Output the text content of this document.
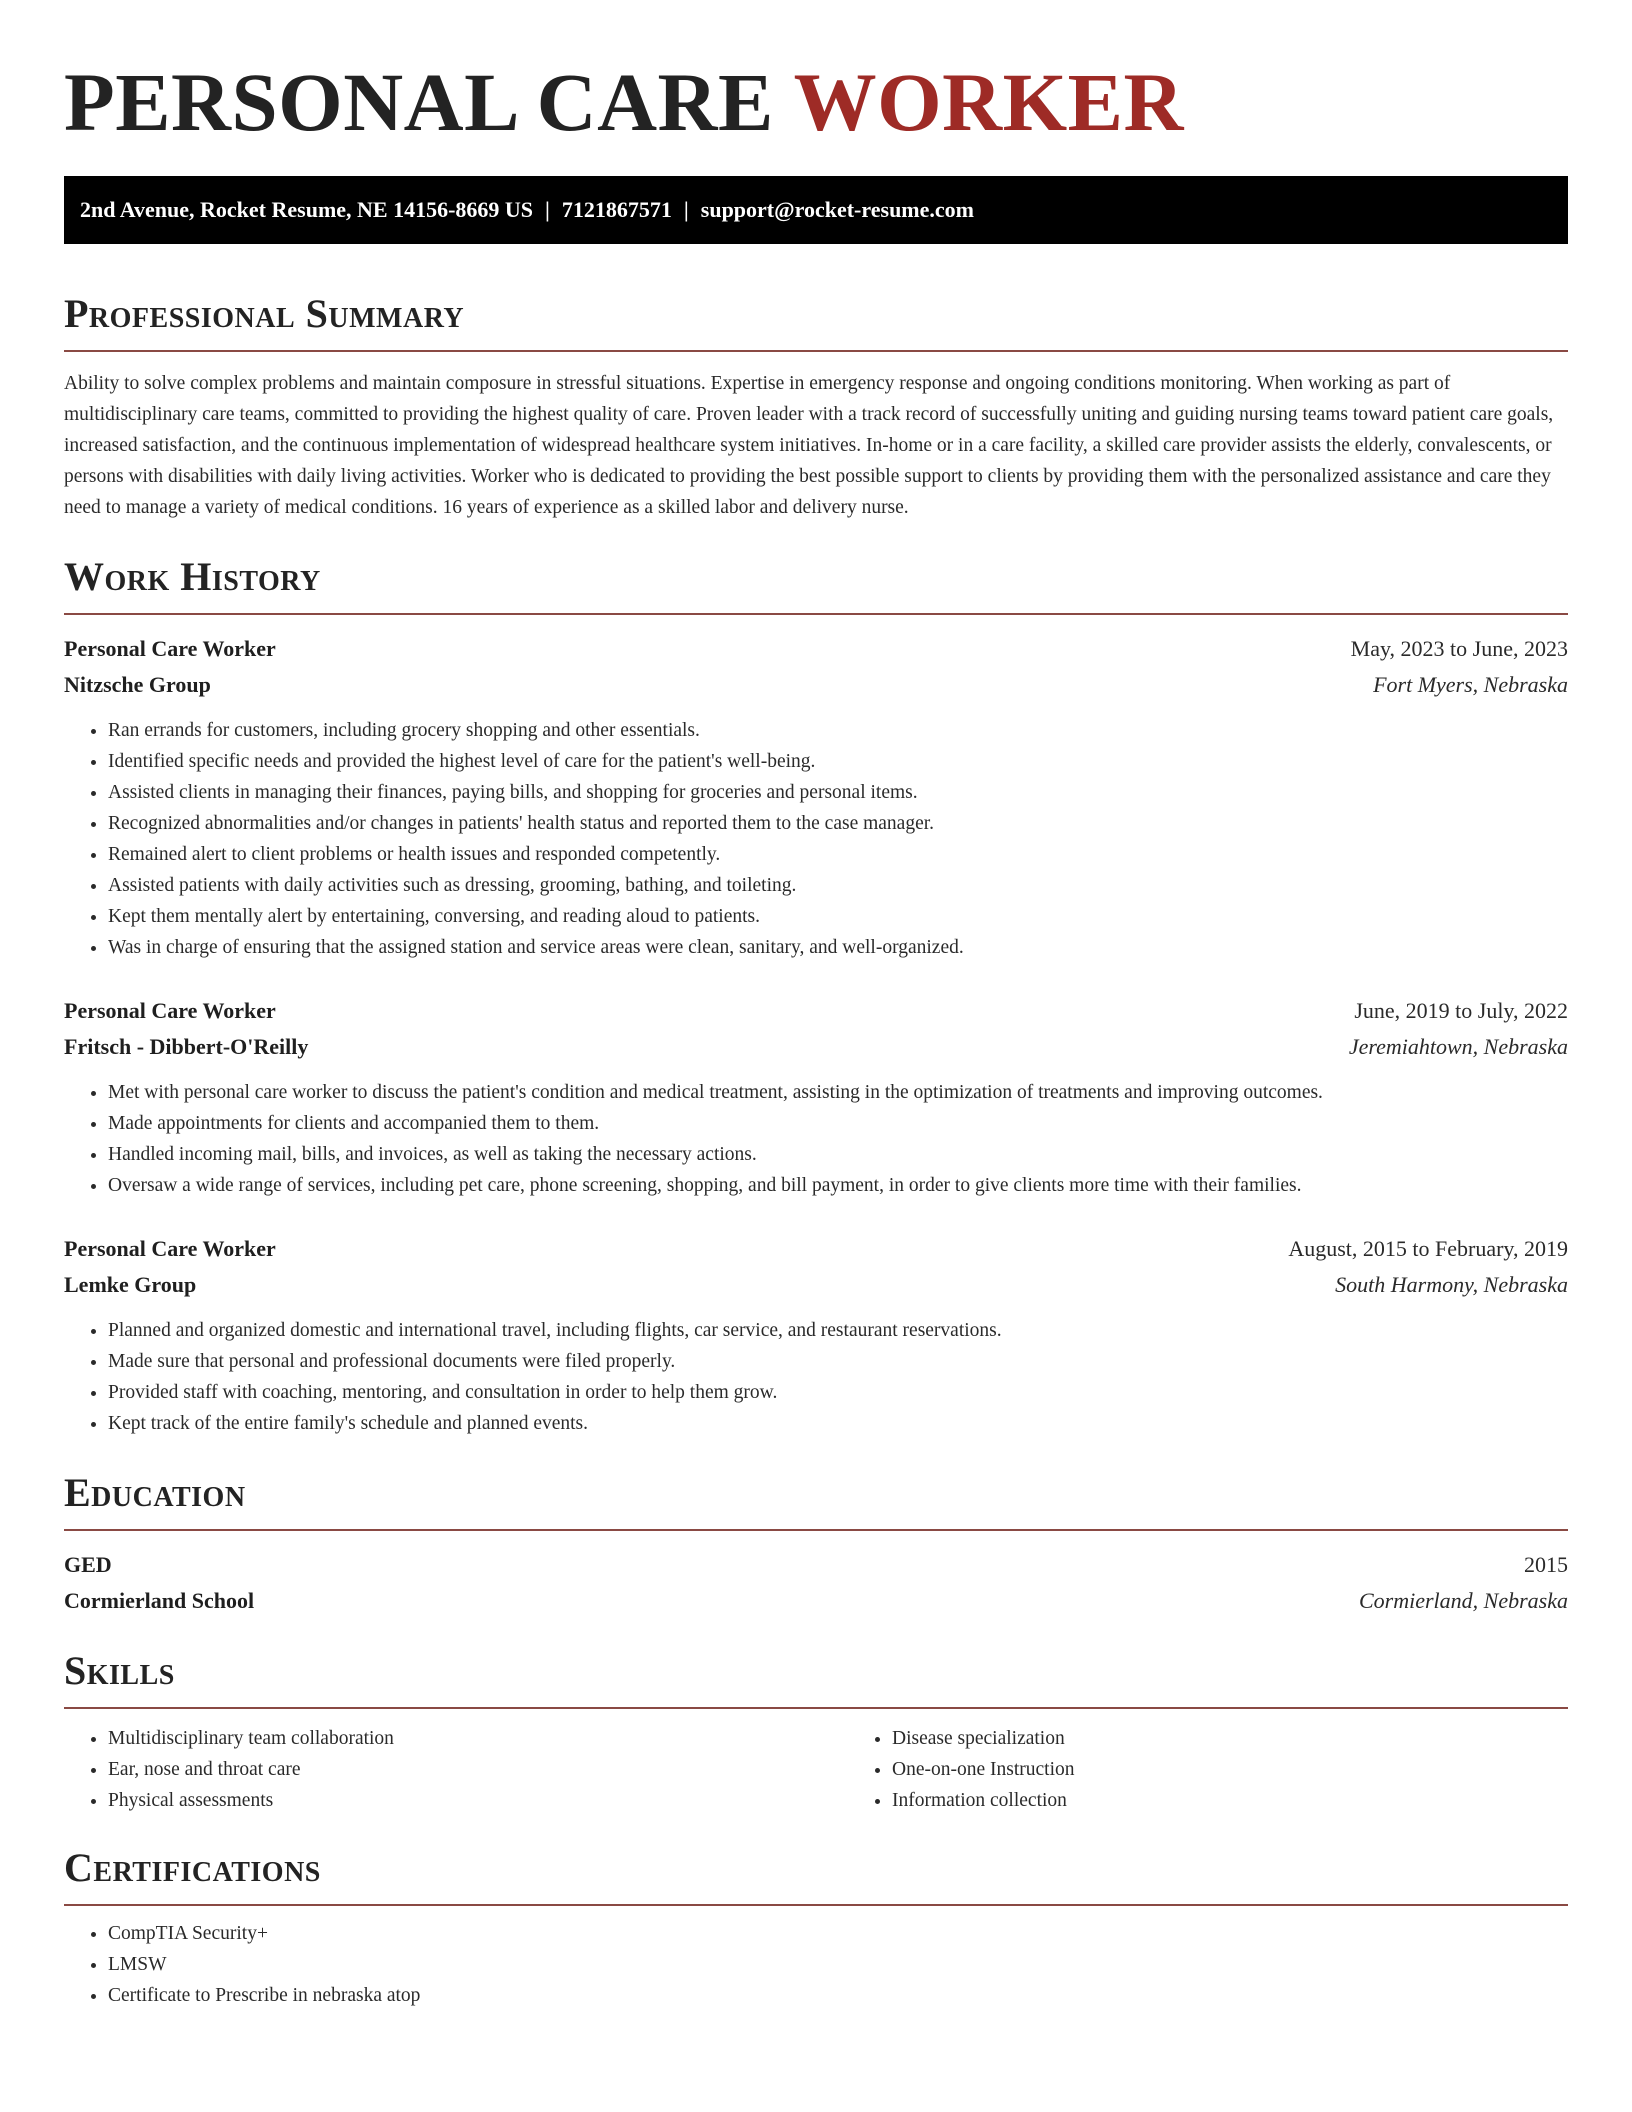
PERSONAL CARE WORKER
2nd Avenue, Rocket Resume, NE 14156-8669 US | 7121867571 | support@rocket-resume.com
Professional Summary

Ability to solve complex problems and maintain composure in stressful situations. Expertise in emergency response and ongoing conditions monitoring. When working as part of multidisciplinary care teams, committed to providing the highest quality of care. Proven leader with a track record of successfully uniting and guiding nursing teams toward patient care goals, increased satisfaction, and the continuous implementation of widespread healthcare system initiatives. In-home or in a care facility, a skilled care provider assists the elderly, convalescents, or persons with disabilities with daily living activities. Worker who is dedicated to providing the best possible support to clients by providing them with the personalized assistance and care they need to manage a variety of medical conditions. 16 years of experience as a skilled labor and delivery nurse.

Work History
Personal Care Worker	May, 2023 to June, 2023
Nitzsche Group	Fort Myers, Nebraska
• Ran errands for customers, including grocery shopping and other essentials.
• Identified specific needs and provided the highest level of care for the patient's well-being.
• Assisted clients in managing their finances, paying bills, and shopping for groceries and personal items.
• Recognized abnormalities and/or changes in patients' health status and reported them to the case manager.
• Remained alert to client problems or health issues and responded competently.
• Assisted patients with daily activities such as dressing, grooming, bathing, and toileting.
• Kept them mentally alert by entertaining, conversing, and reading aloud to patients.
• Was in charge of ensuring that the assigned station and service areas were clean, sanitary, and well-organized.
Personal Care Worker	June, 2019 to July, 2022
Fritsch - Dibbert-O'Reilly	Jeremiahtown, Nebraska
• Met with personal care worker to discuss the patient's condition and medical treatment, assisting in the optimization of treatments and improving outcomes.
• Made appointments for clients and accompanied them to them.
• Handled incoming mail, bills, and invoices, as well as taking the necessary actions.
• Oversaw a wide range of services, including pet care, phone screening, shopping, and bill payment, in order to give clients more time with their families.
Personal Care Worker	August, 2015 to February, 2019
Lemke Group	South Harmony, Nebraska
• Planned and organized domestic and international travel, including flights, car service, and restaurant reservations.
• Made sure that personal and professional documents were filed properly.
• Provided staff with coaching, mentoring, and consultation in order to help them grow.
• Kept track of the entire family's schedule and planned events.
Education
GED	2015
Cormierland School	Cormierland, Nebraska
Skills
• Multidisciplinary team collaboration
• Ear, nose and throat care
• Physical assessments
• Disease specialization
• One-on-one Instruction
• Information collection
Certifications
• CompTIA Security+
• LMSW
• Certificate to Prescribe in nebraska atop
